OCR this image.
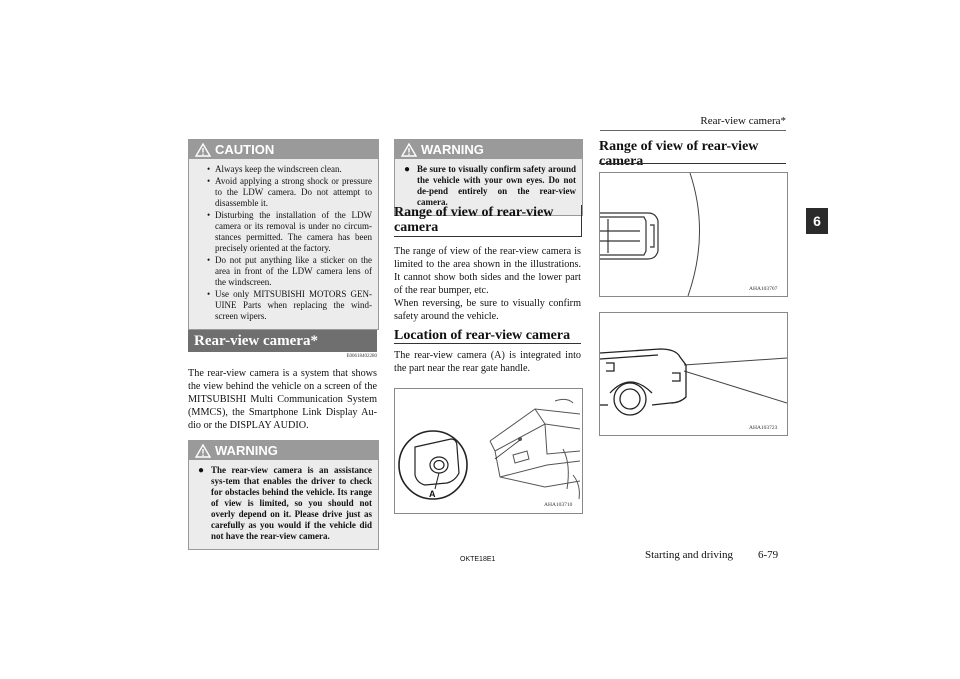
Rear-view camera*
6
CAUTION
• Always keep the windscreen clean.
• Avoid applying a strong shock or pressure to the LDW camera. Do not attempt to disassemble it.
• Disturbing the installation of the LDW camera or its removal is under no circum-stances permitted. The camera has been precisely oriented at the factory.
• Do not put anything like a sticker on the area in front of the LDW camera lens of the windscreen.
• Use only MITSUBISHI MOTORS GEN-UINE Parts when replacing the wind-screen wipers.
Rear-view camera*
E00618402280
The rear-view camera is a system that shows the view behind the vehicle on a screen of the MITSUBISHI Multi Communication System (MMCS), the Smartphone Link Display Au-dio or the DISPLAY AUDIO.
WARNING
● The rear-view camera is an assistance sys-tem that enables the driver to check for obstacles behind the vehicle. Its range of view is limited, so you should not overly depend on it. Please drive just as carefully as you would if the vehicle did not have the rear-view camera.
WARNING
● Be sure to visually confirm safety around the vehicle with your own eyes. Do not de-pend entirely on the rear-view camera.
Range of view of rear-view camera
The range of view of the rear-view camera is limited to the area shown in the illustrations. It cannot show both sides and the lower part of the rear bumper, etc.
When reversing, be sure to visually confirm safety around the vehicle.
Location of rear-view camera
The rear-view camera (A) is integrated into the part near the rear gate handle.
A
AHA103710
Range of view of rear-view camera
AHA103707
AHA103723
OKTE18E1	Starting and driving 6-79
